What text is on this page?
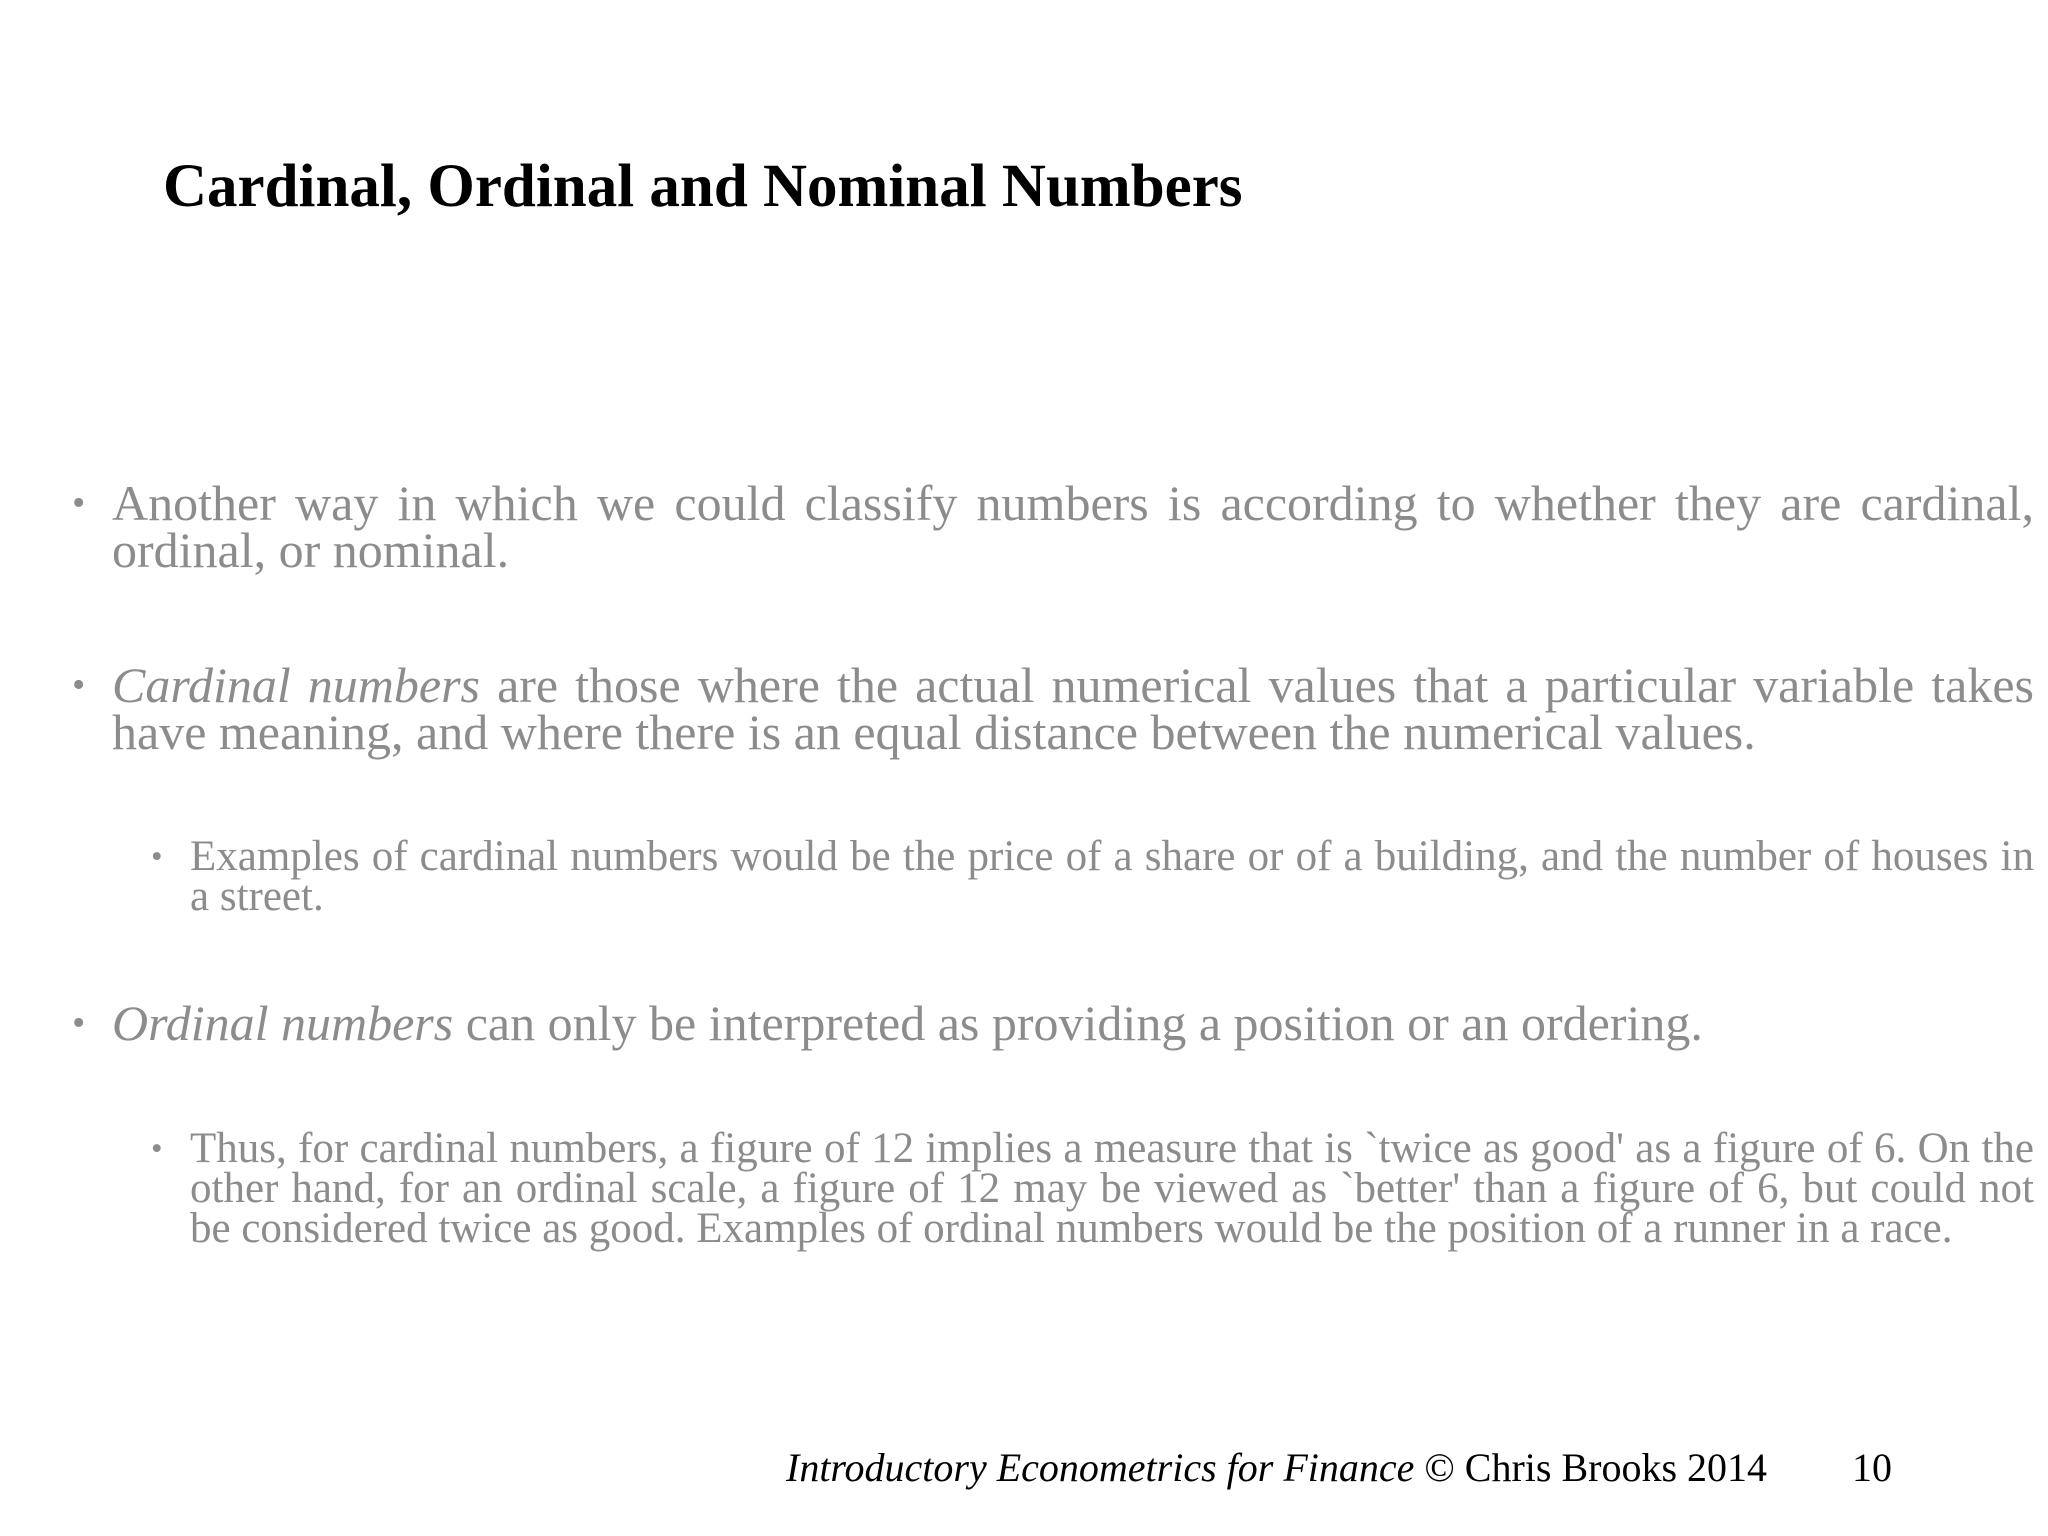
Cardinal, Ordinal and Nominal Numbers

• Another way in which we could classify numbers is according to whether they are cardinal, ordinal, or nominal.

• Cardinal numbers are those where the actual numerical values that a particular variable takes have meaning, and where there is an equal distance between the numerical values.

• Examples of cardinal numbers would be the price of a share or of a building, and the number of houses in a street.

• Ordinal numbers can only be interpreted as providing a position or an ordering.

• Thus, for cardinal numbers, a figure of 12 implies a measure that is `twice as good' as a figure of 6. On the other hand, for an ordinal scale, a figure of 12 may be viewed as `better' than a figure of 6, but could not be considered twice as good. Examples of ordinal numbers would be the position of a runner in a race.

Introductory Econometrics for Finance © Chris Brooks 2014 10
